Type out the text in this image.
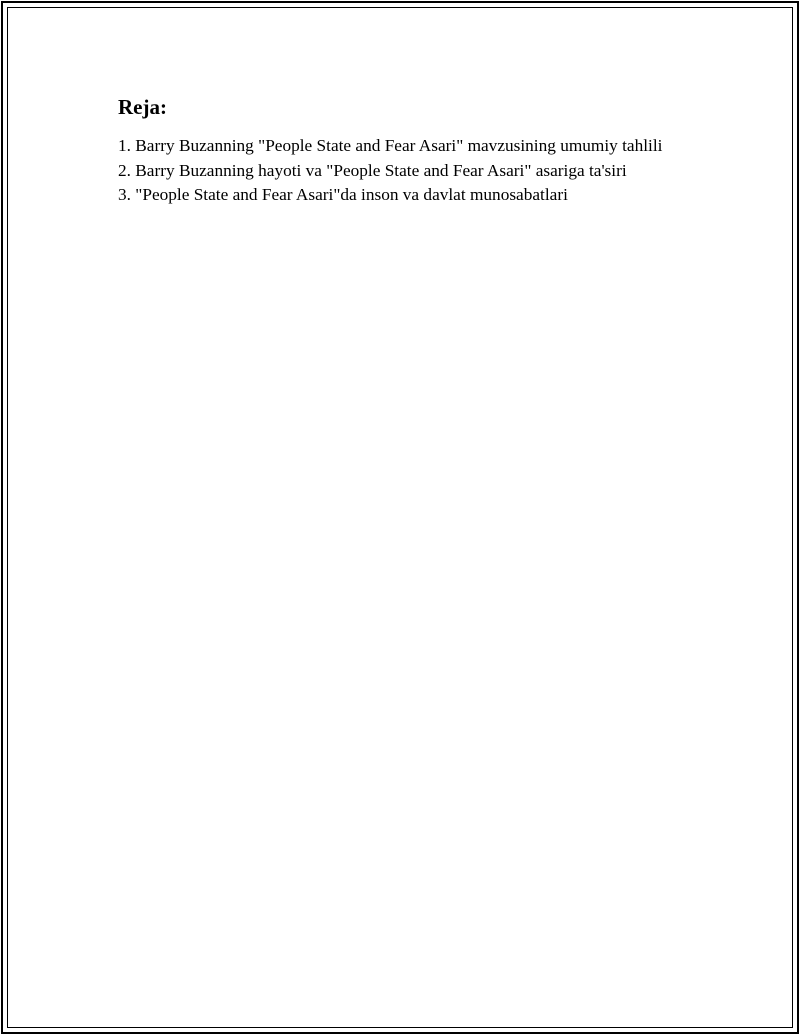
Reja:
1. Barry Buzanning "People State and Fear Asari" mavzusining umumiy tahlili
2. Barry Buzanning hayoti va "People State and Fear Asari" asariga ta'siri
3. "People State and Fear Asari"da inson va davlat munosabatlari
